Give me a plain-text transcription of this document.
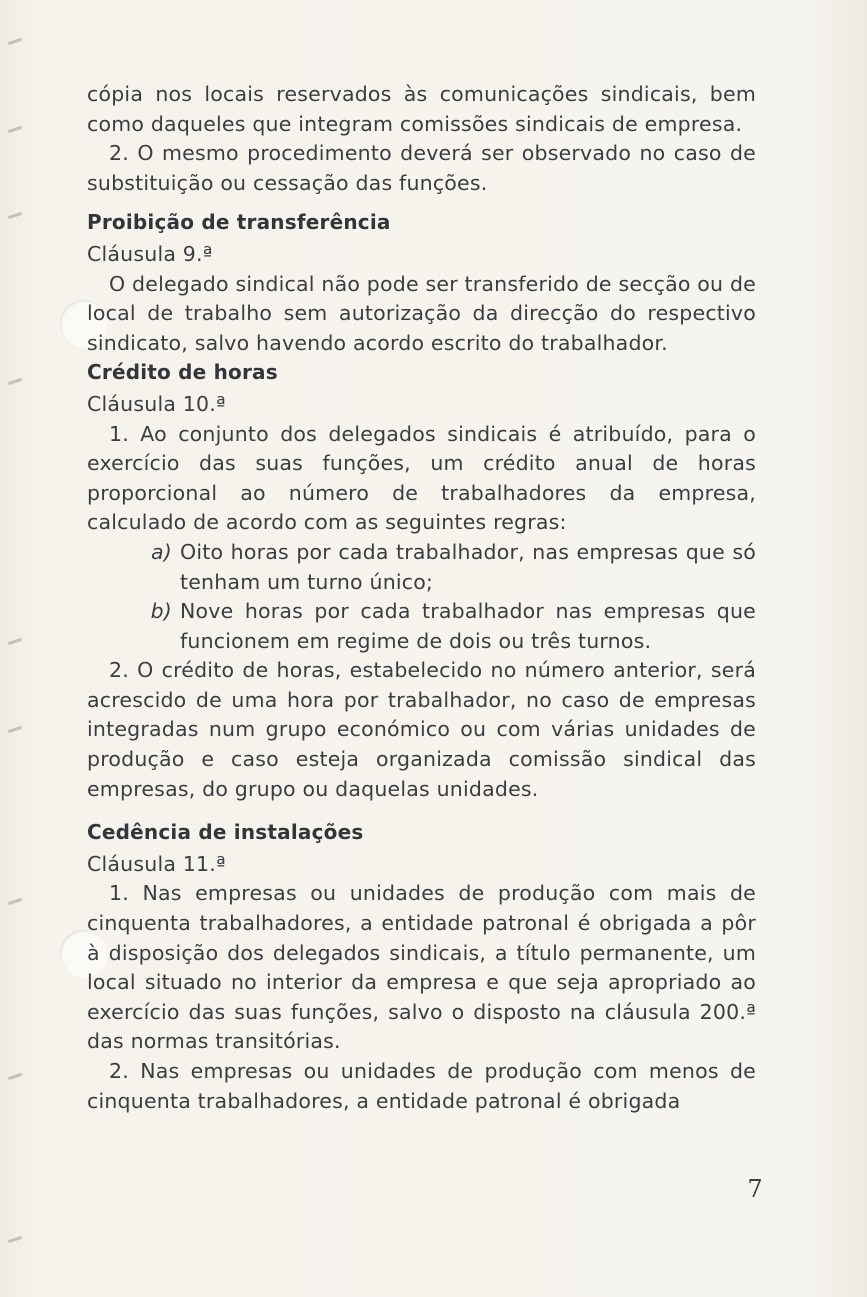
cópia nos locais reservados às comunicações sindicais, bem como daqueles que integram comissões sindicais de empresa.

2. O mesmo procedimento deverá ser observado no caso de substituição ou cessação das funções.

Proibição de transferência

Cláusula 9.ª

O delegado sindical não pode ser transferido de secção ou de local de trabalho sem autorização da direcção do respectivo sindicato, salvo havendo acordo escrito do trabalhador.

Crédito de horas

Cláusula 10.ª

1. Ao conjunto dos delegados sindicais é atribuído, para o exercício das suas funções, um crédito anual de horas proporcional ao número de trabalhadores da empresa, calculado de acordo com as seguintes regras:

a) Oito horas por cada trabalhador, nas empresas que só tenham um turno único;
b) Nove horas por cada trabalhador nas empresas que funcionem em regime de dois ou três turnos.

2. O crédito de horas, estabelecido no número anterior, será acrescido de uma hora por trabalhador, no caso de empresas integradas num grupo económico ou com várias unidades de produção e caso esteja organizada comissão sindical das empresas, do grupo ou daquelas unidades.

Cedência de instalações

Cláusula 11.ª

1. Nas empresas ou unidades de produção com mais de cinquenta trabalhadores, a entidade patronal é obrigada a pôr à disposição dos delegados sindicais, a título permanente, um local situado no interior da empresa e que seja apropriado ao exercício das suas funções, salvo o disposto na cláusula 200.ª das normas transitórias.

2. Nas empresas ou unidades de produção com menos de cinquenta trabalhadores, a entidade patronal é obrigada

7
